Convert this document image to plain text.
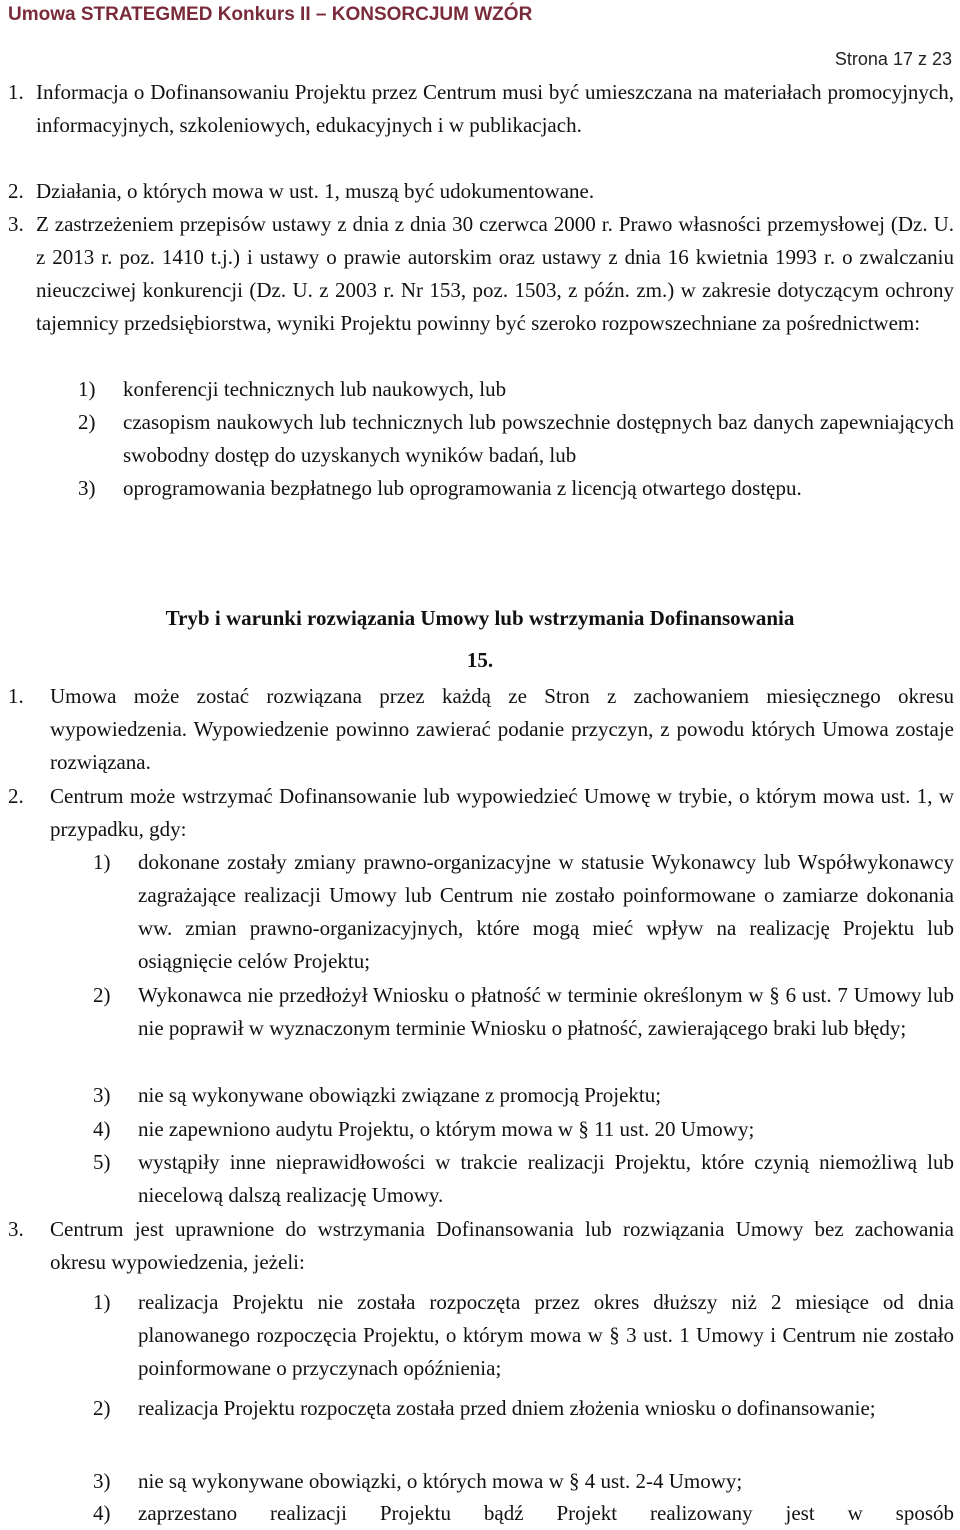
Umowa STRATEGMED Konkurs II – KONSORCJUM WZÓR
Strona 17 z 23
1. Informacja o Dofinansowaniu Projektu przez Centrum musi być umieszczana na materiałach promocyjnych, informacyjnych, szkoleniowych, edukacyjnych i w publikacjach.

2. Działania, o których mowa w ust. 1, muszą być udokumentowane.

3. Z zastrzeżeniem przepisów ustawy z dnia z dnia 30 czerwca 2000 r. Prawo własności przemysłowej (Dz. U. z 2013 r. poz. 1410 t.j.) i ustawy o prawie autorskim oraz ustawy z dnia 16 kwietnia 1993 r. o zwalczaniu nieuczciwej konkurencji (Dz. U. z 2003 r. Nr 153, poz. 1503, z późn. zm.) w zakresie dotyczącym ochrony tajemnicy przedsiębiorstwa, wyniki Projektu powinny być szeroko rozpowszechniane za pośrednictwem:

1) konferencji technicznych lub naukowych, lub

2) czasopism naukowych lub technicznych lub powszechnie dostępnych baz danych zapewniających swobodny dostęp do uzyskanych wyników badań, lub

3) oprogramowania bezpłatnego lub oprogramowania z licencją otwartego dostępu.

Tryb i warunki rozwiązania Umowy lub wstrzymania Dofinansowania
15.
1. Umowa może zostać rozwiązana przez każdą ze Stron z zachowaniem miesięcznego okresu wypowiedzenia. Wypowiedzenie powinno zawierać podanie przyczyn, z powodu których Umowa zostaje rozwiązana.

2. Centrum może wstrzymać Dofinansowanie lub wypowiedzieć Umowę w trybie, o którym mowa ust. 1, w przypadku, gdy:

1) dokonane zostały zmiany prawno-organizacyjne w statusie Wykonawcy lub Współwykonawcy zagrażające realizacji Umowy lub Centrum nie zostało poinformowane o zamiarze dokonania ww. zmian prawno-organizacyjnych, które mogą mieć wpływ na realizację Projektu lub osiągnięcie celów Projektu;

2) Wykonawca nie przedłożył Wniosku o płatność w terminie określonym w § 6 ust. 7 Umowy lub nie poprawił w wyznaczonym terminie Wniosku o płatność, zawierającego braki lub błędy;

3) nie są wykonywane obowiązki związane z promocją Projektu;

4) nie zapewniono audytu Projektu, o którym mowa w § 11 ust. 20 Umowy;

5) wystąpiły inne nieprawidłowości w trakcie realizacji Projektu, które czynią niemożliwą lub niecelową dalszą realizację Umowy.

3. Centrum jest uprawnione do wstrzymania Dofinansowania lub rozwiązania Umowy bez zachowania okresu wypowiedzenia, jeżeli:

1) realizacja Projektu nie została rozpoczęta przez okres dłuższy niż 2 miesiące od dnia planowanego rozpoczęcia Projektu, o którym mowa w § 3 ust. 1 Umowy i Centrum nie zostało poinformowane o przyczynach opóźnienia;

2) realizacja Projektu rozpoczęta została przed dniem złożenia wniosku o dofinansowanie;

3) nie są wykonywane obowiązki, o których mowa w § 4 ust. 2-4 Umowy;

4) zaprzestano realizacji Projektu bądź Projekt realizowany jest w sposób
